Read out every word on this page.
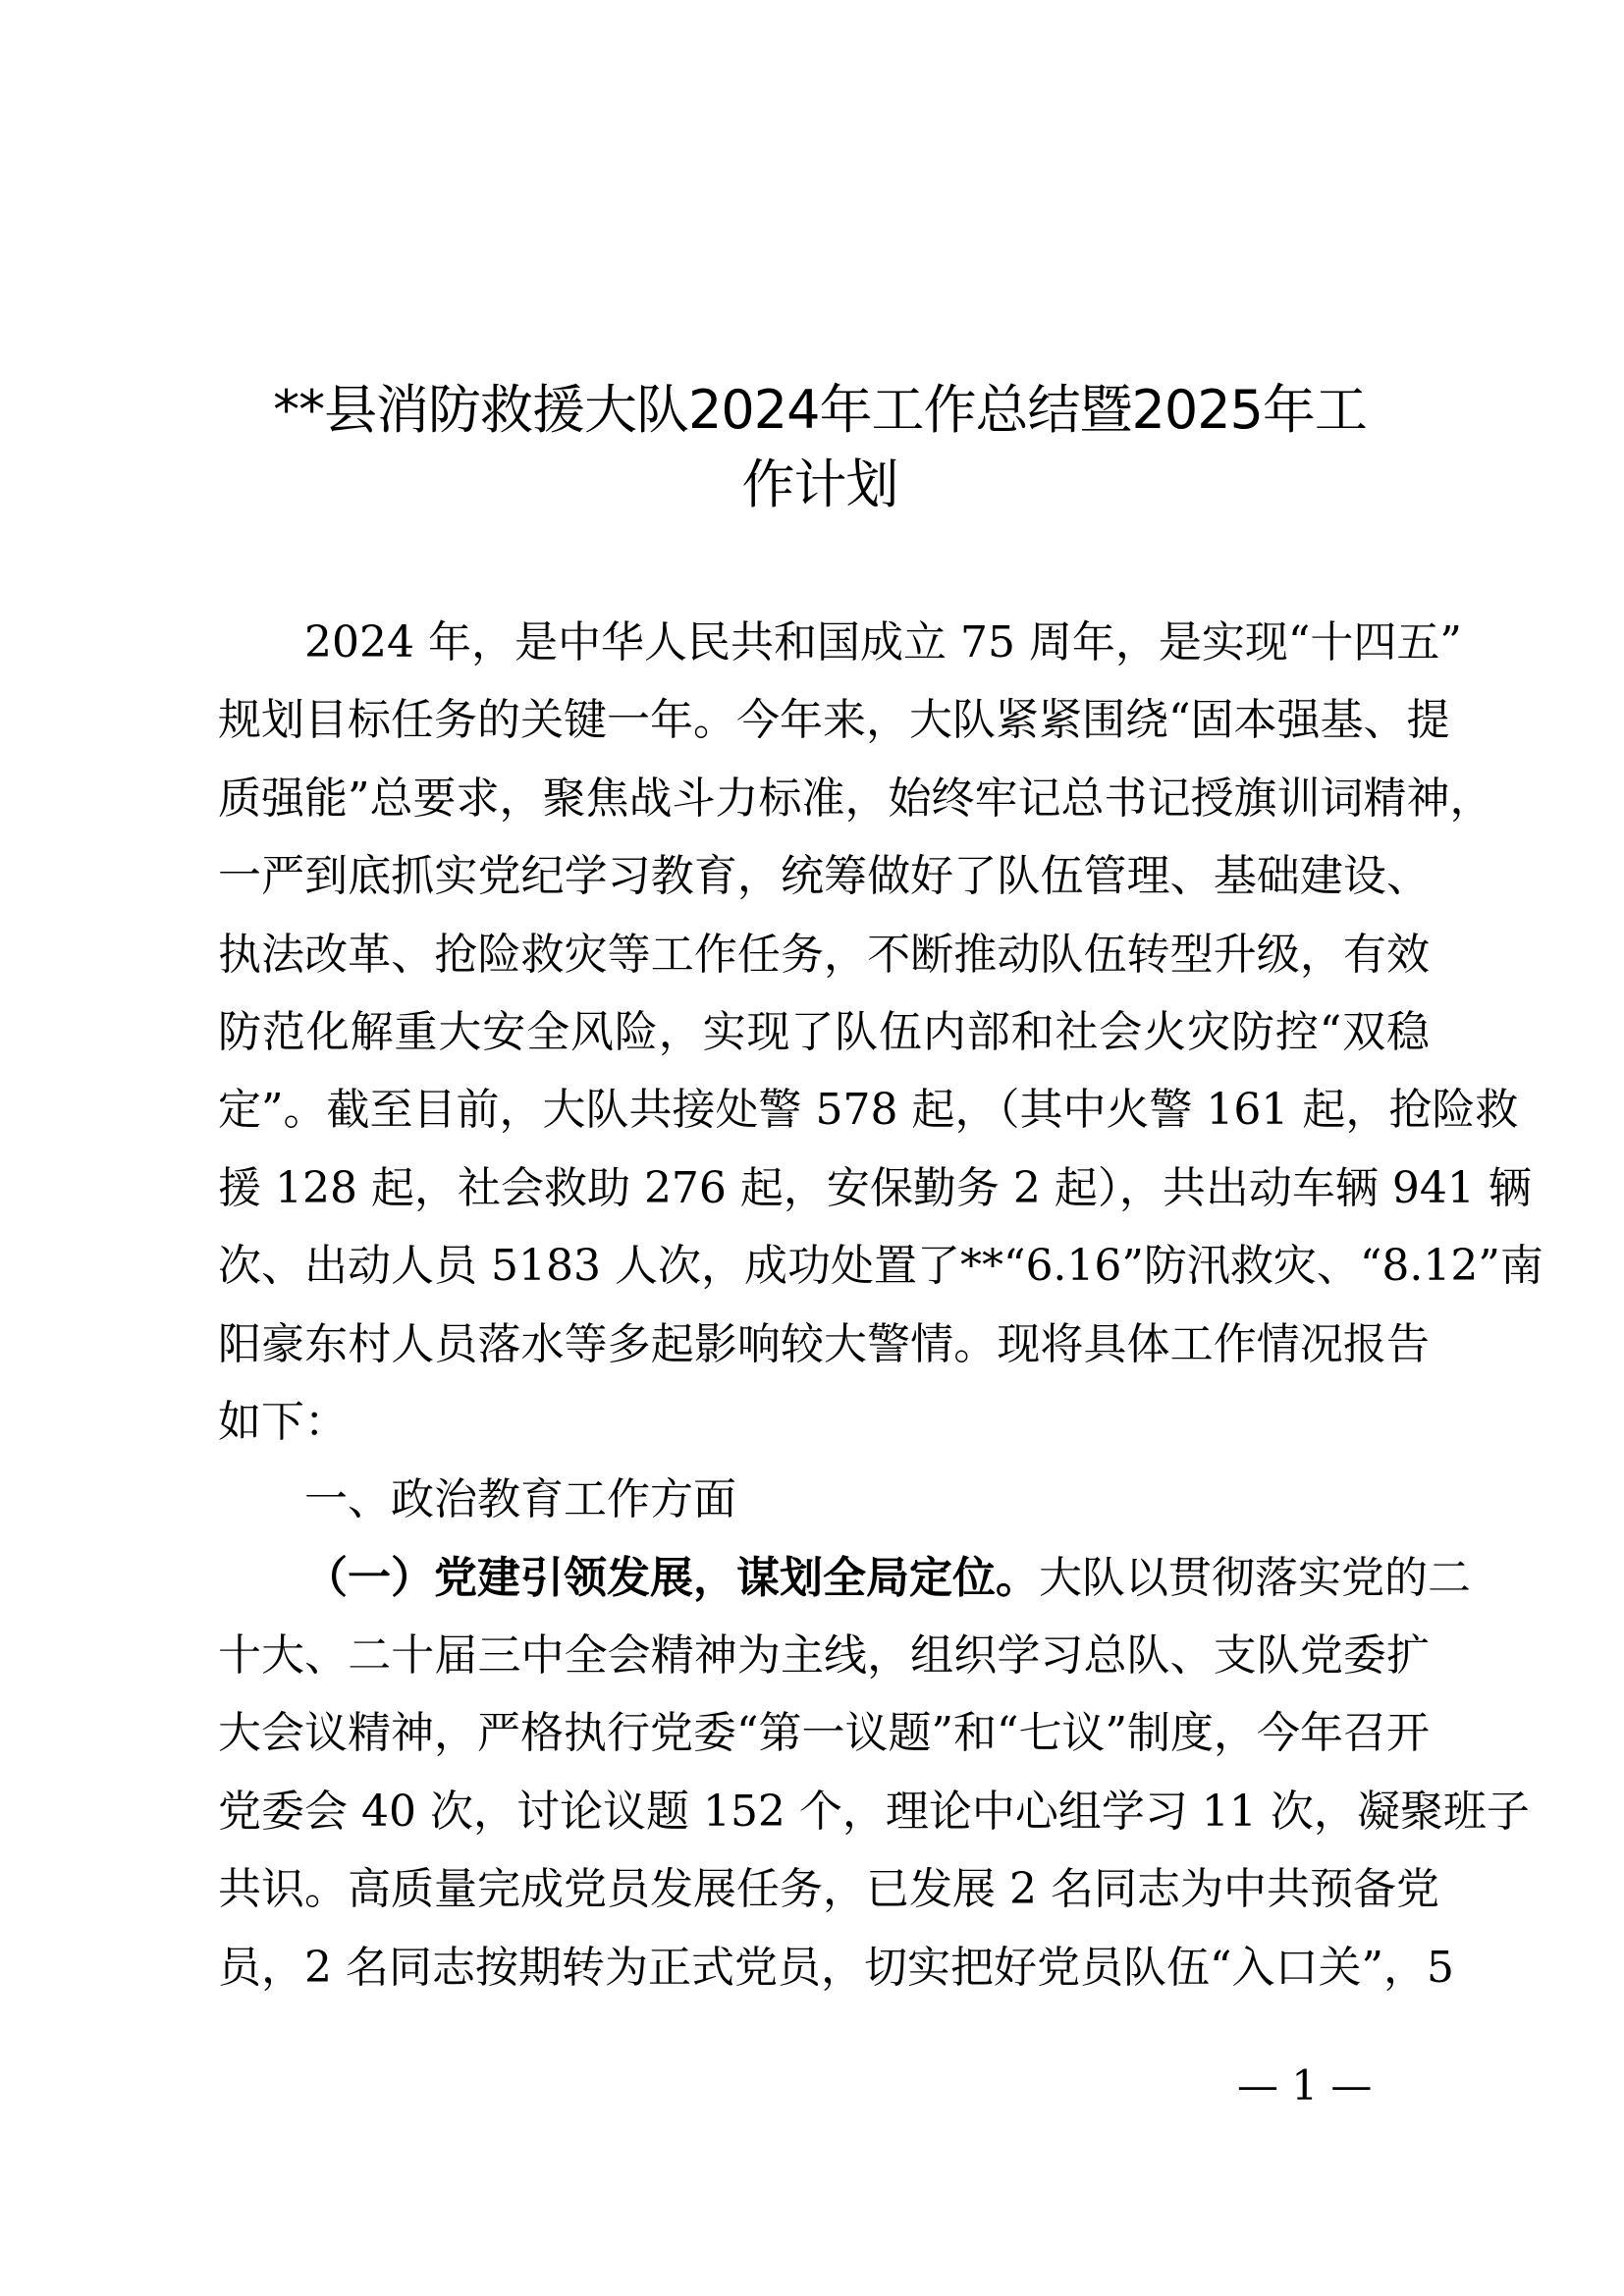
**县消防救援大队2024年工作总结暨2025年工
作计划
2024 年，是中华人民共和国成立 75 周年，是实现“十四五”
规划目标任务的关键一年。今年来，大队紧紧围绕“固本强基、提
质强能”总要求，聚焦战斗力标准，始终牢记总书记授旗训词精神，
一严到底抓实党纪学习教育，统筹做好了队伍管理、基础建设、
执法改革、抢险救灾等工作任务，不断推动队伍转型升级，有效
防范化解重大安全风险，实现了队伍内部和社会火灾防控“双稳
定”。截至目前，大队共接处警 578 起，（其中火警 161 起，抢险救
援 128 起，社会救助 276 起，安保勤务 2 起），共出动车辆 941 辆
次、出动人员 5183 人次，成功处置了**“6.16”防汛救灾、“8.12”南
阳豪东村人员落水等多起影响较大警情。现将具体工作情况报告
如下：
一、政治教育工作方面
（一）党建引领发展，谋划全局定位。大队以贯彻落实党的二
十大、二十届三中全会精神为主线，组织学习总队、支队党委扩
大会议精神，严格执行党委“第一议题”和“七议”制度，今年召开
党委会 40 次，讨论议题 152 个，理论中心组学习 11 次，凝聚班子
共识。高质量完成党员发展任务，已发展 2 名同志为中共预备党
员，2 名同志按期转为正式党员，切实把好党员队伍“入口关”，5
— 1 —
